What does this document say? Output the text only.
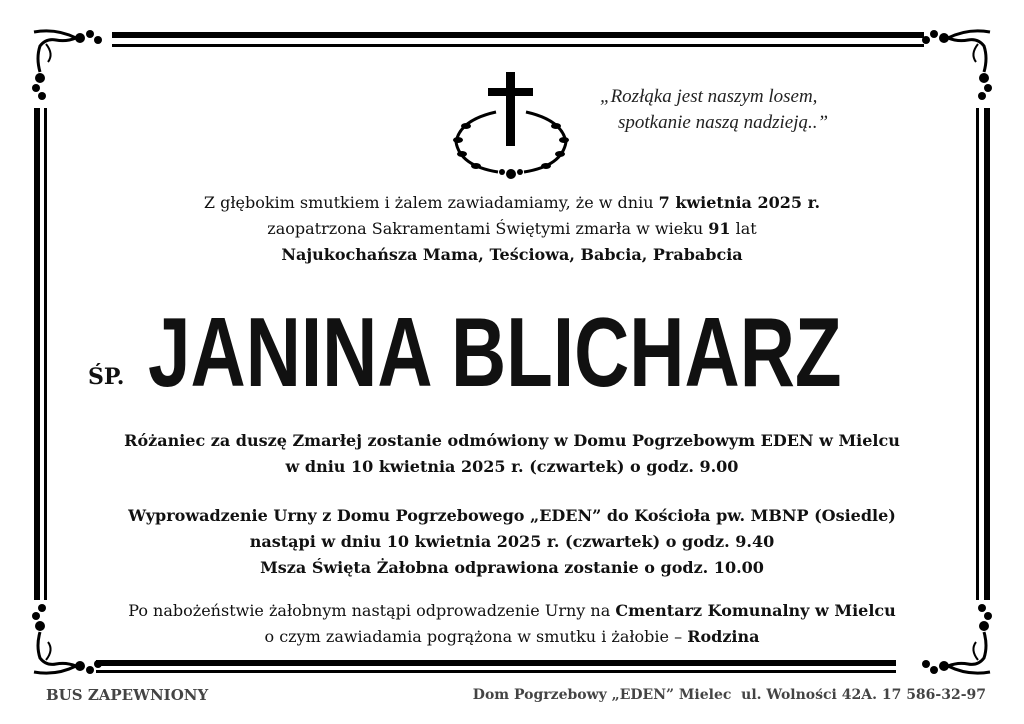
„Rozłąka jest naszym losem,
spotkanie naszą nadzieją..”
Z głębokim smutkiem i żalem zawiadamiamy, że w dniu 7 kwietnia 2025 r.
zaopatrzona Sakramentami Świętymi zmarła w wieku 91 lat
Najukochańsza Mama, Teściowa, Babcia, Prababcia
ŚP. JANINA BLICHARZ
Różaniec za duszę Zmarłej zostanie odmówiony w Domu Pogrzebowym EDEN w Mielcu
w dniu 10 kwietnia 2025 r. (czwartek) o godz. 9.00
Wyprowadzenie Urny z Domu Pogrzebowego „EDEN” do Kościoła pw. MBNP (Osiedle)
nastąpi w dniu 10 kwietnia 2025 r. (czwartek) o godz. 9.40
Msza Święta Żałobna odprawiona zostanie o godz. 10.00
Po nabożeństwie żałobnym nastąpi odprowadzenie Urny na Cmentarz Komunalny w Mielcu
o czym zawiadamia pogrążona w smutku i żałobie – Rodzina
BUS ZAPEWNIONY	Dom Pogrzebowy „EDEN” Mielec  ul. Wolności 42A. 17 586-32-97
